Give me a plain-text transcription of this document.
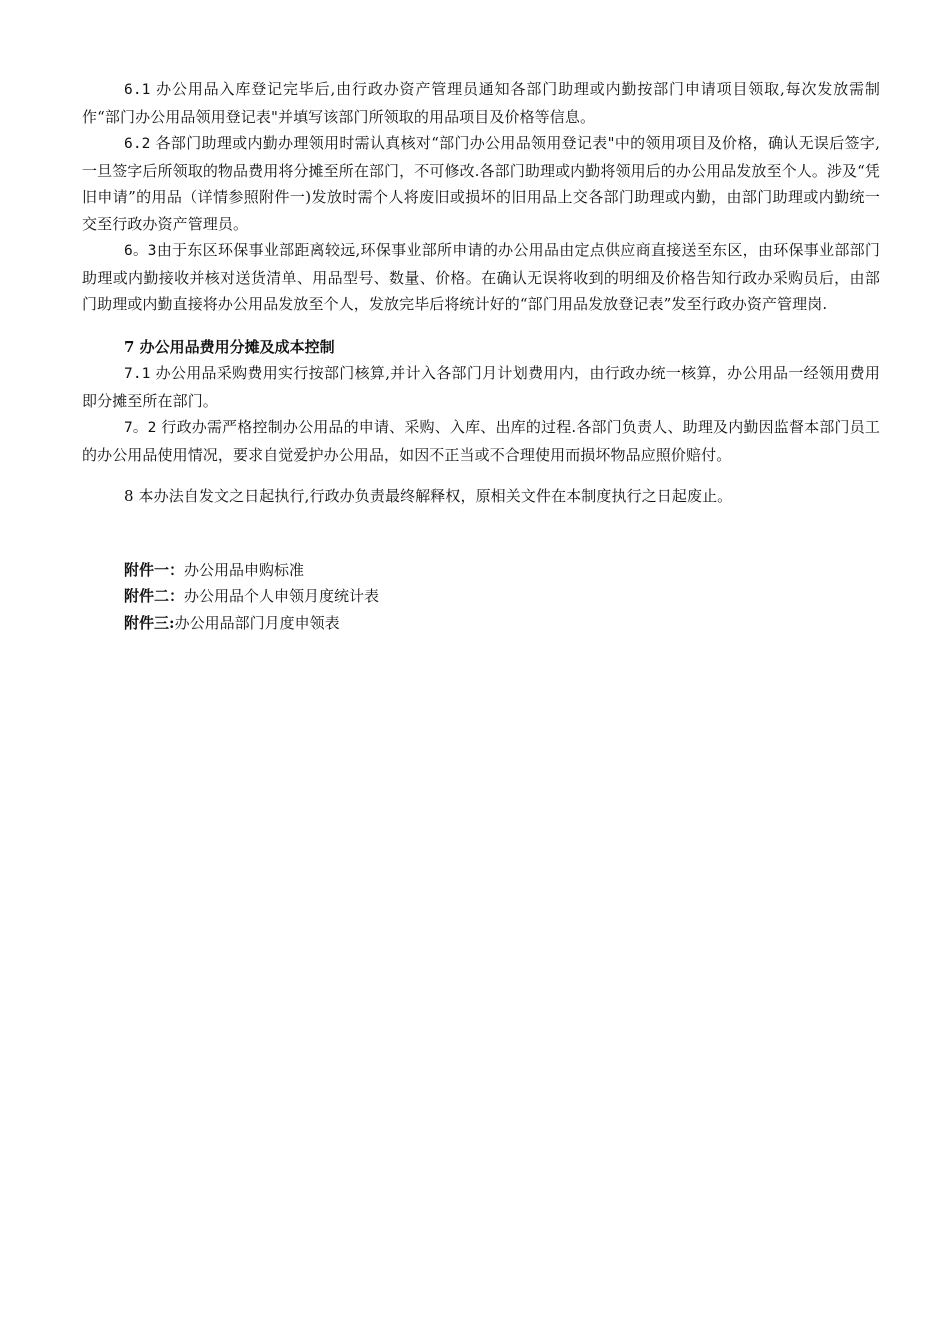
6.1 办公用品入库登记完毕后,由行政办资产管理员通知各部门助理或内勤按部门申请项目领取,每次发放需制作“部门办公用品领用登记表"并填写该部门所领取的用品项目及价格等信息。

6.2 各部门助理或内勤办理领用时需认真核对“部门办公用品领用登记表"中的领用项目及价格，确认无误后签字,一旦签字后所领取的物品费用将分摊至所在部门，不可修改.各部门助理或内勤将领用后的办公用品发放至个人。涉及“凭旧申请”的用品（详情参照附件一)发放时需个人将废旧或损坏的旧用品上交各部门助理或内勤，由部门助理或内勤统一交至行政办资产管理员。

6。3由于东区环保事业部距离较远,环保事业部所申请的办公用品由定点供应商直接送至东区，由环保事业部部门助理或内勤接收并核对送货清单、用品型号、数量、价格。在确认无误将收到的明细及价格告知行政办采购员后，由部门助理或内勤直接将办公用品发放至个人，发放完毕后将统计好的“部门用品发放登记表”发至行政办资产管理岗.

7 办公用品费用分摊及成本控制

7.1 办公用品采购费用实行按部门核算,并计入各部门月计划费用内，由行政办统一核算，办公用品一经领用费用即分摊至所在部门。

7。2 行政办需严格控制办公用品的申请、采购、入库、出库的过程.各部门负责人、助理及内勤因监督本部门员工的办公用品使用情况，要求自觉爱护办公用品，如因不正当或不合理使用而损坏物品应照价赔付。

8 本办法自发文之日起执行,行政办负责最终解释权，原相关文件在本制度执行之日起废止。

附件一：办公用品申购标准

附件二：办公用品个人申领月度统计表

附件三:办公用品部门月度申领表
